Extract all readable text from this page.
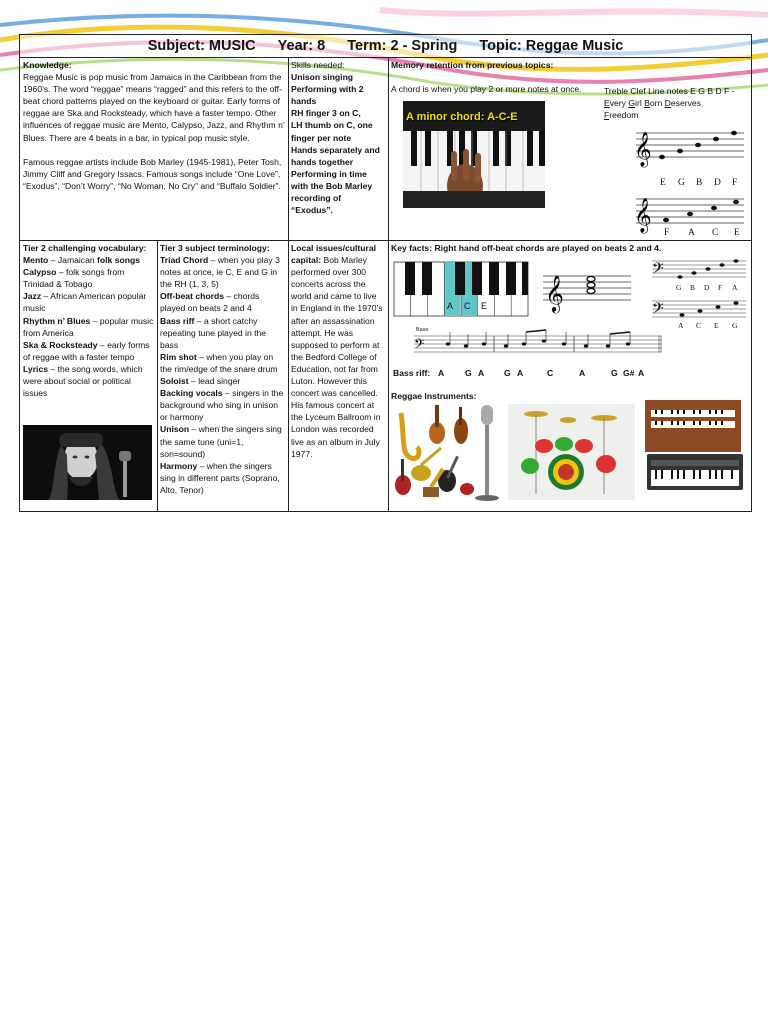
Subject: MUSIC Year: 8 Term: 2 - Spring Topic: Reggae Music

Knowledge:

Reggae Music is pop music from Jamaica in the Caribbean from the 1960’s. The word “reggae” means “ragged” and this refers to the off-beat chord patterns played on the keyboard or guitar. Early forms of reggae are Ska and Rocksteady, which have a faster tempo. Other influences of reggae music are Mento, Calypso, Jazz, and Rhythm n’ Blues. There are 4 beats in a bar, in typical pop music style.

Famous reggae artists include Bob Marley (1945-1981), Peter Tosh, Jimmy Cliff and Gregory Issacs. Famous songs include “One Love”, “Exodus”, “Don’t Worry”, “No Woman, No Cry” and “Buffalo Soldier”.

Skills needed:

Unison singing

Performing with 2 hands

RH finger 3 on C,

LH thumb on C, one finger per note

Hands separately and hands together

Performing in time with the Bob Marley recording of “Exodus”.

Memory retention from previous topics:

A chord is when you play 2 or more notes at once.	Treble Clef Line notes E G B D F -

Every Girl Born Deserves
Freedom

A minor chord: A-C-E
𝄞
𝄞
E G B D F
F A C E

Tier 2 challenging vocabulary:

Mento – Jamaican folk songs

Calypso – folk songs from Trinidad & Tobago

Jazz – African American popular music

Rhythm n’ Blues – popular music from America

Ska & Rocksteady – early forms of reggae with a faster tempo

Lyrics – the song words, which were about social or political issues

Tier 3 subject terminology:

Triad Chord – when you play 3 notes at once, ie C, E and G in the RH (1, 3, 5)

Off-beat chords – chords played on beats 2 and 4

Bass riff – a short catchy repeating tune played in the bass

Rim shot – when you play on the rim/edge of the snare drum

Soloist – lead singer

Backing vocals – singers in the background who sing in unison or harmony

Unison – when the singers sing the same tune (uni=1, son=sound)

Harmony – when the singers sing in different parts (Soprano, Alto, Tenor)

Local issues/cultural capital: Bob Marley performed over 300 concerts across the world and came to live in England in the 1970’s after an assassination attempt. He was supposed to perform at the Bedford College of Education, not far from Luton. However this concert was cancelled. His famous concert at the Lyceum Ballroom in London was recorded live as an album in July 1977.

Key facts: Right hand off-beat chords are played on beats 2 and 4.

A C E 𝄞
𝄢
𝄢
G B D F A
A C E G
Bass
𝄢
Bass riff: A G A G A	C	A	G G# A

Reggae Instruments:
